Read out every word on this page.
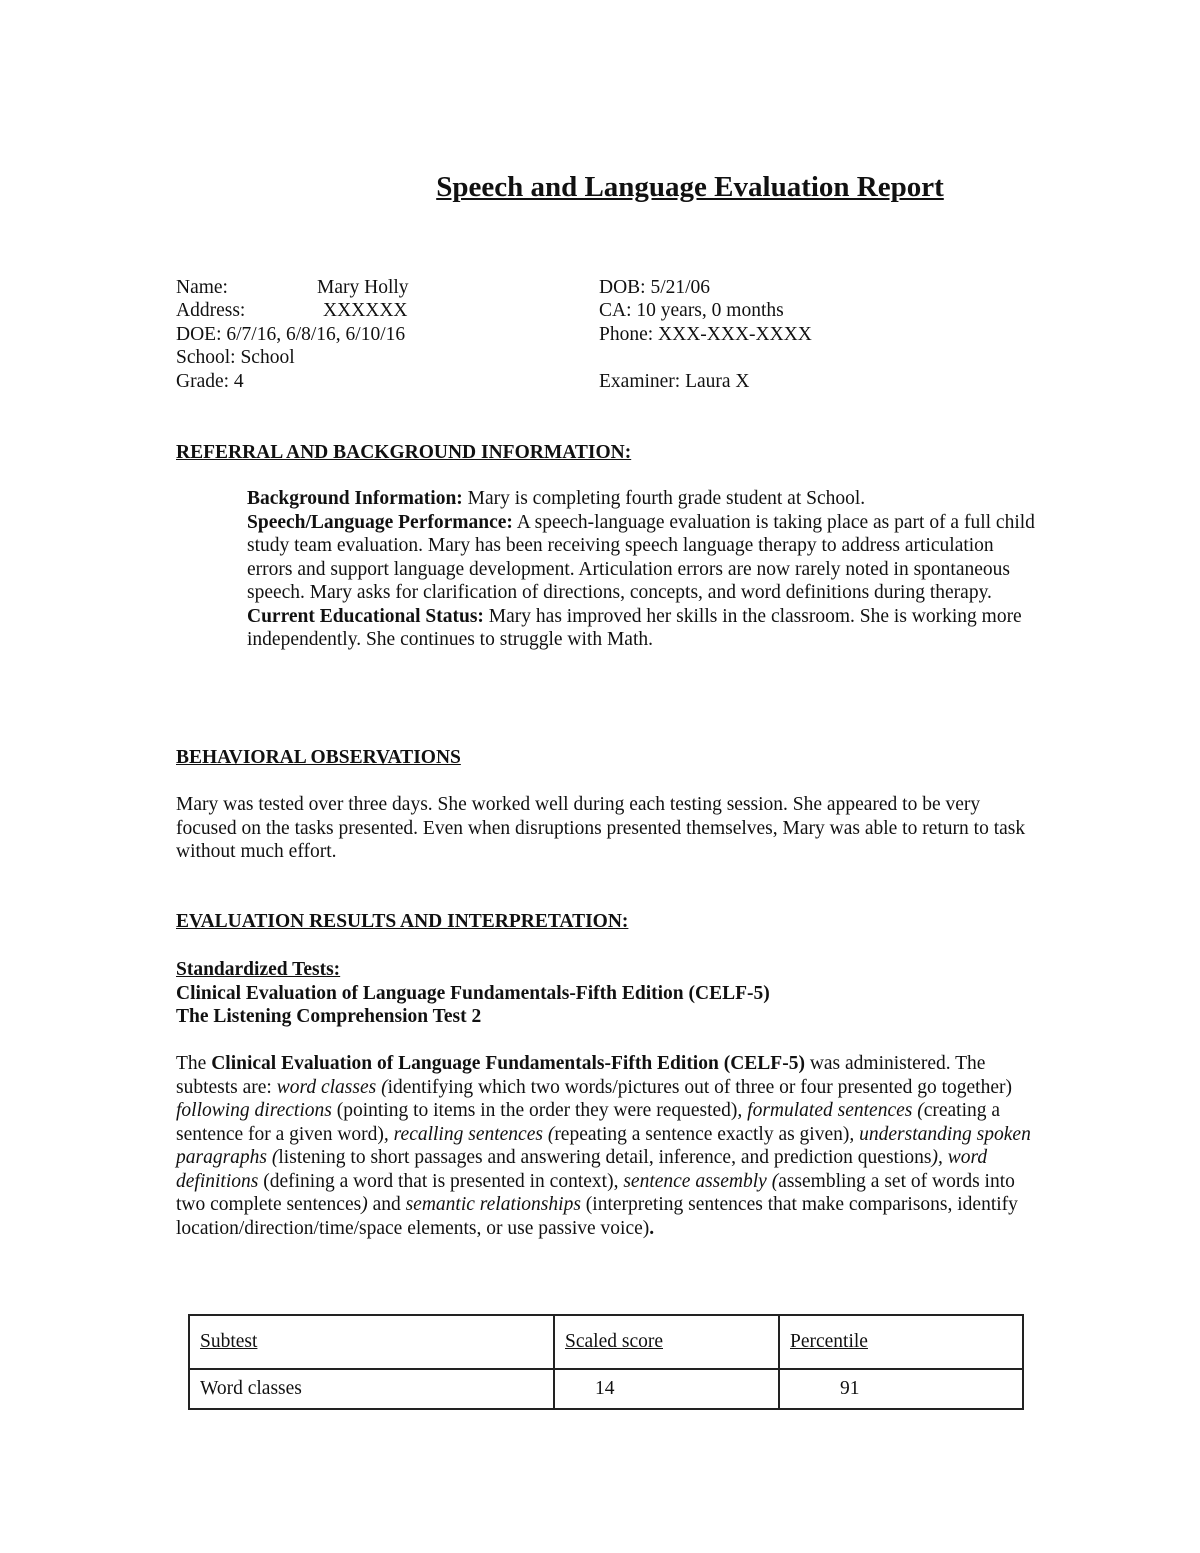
Speech and Language Evaluation Report
Name:	Mary Holly
Address:	XXXXXX
DOE: 6/7/16, 6/8/16, 6/10/16
School: School
Grade: 4
DOB: 5/21/06
CA: 10 years, 0 months
Phone: XXX-XXX-XXXX
Examiner: Laura X
REFERRAL AND BACKGROUND INFORMATION:
Background Information: Mary is completing fourth grade student at School.
Speech/Language Performance: A speech-language evaluation is taking place as part of a full child study team evaluation. Mary has been receiving speech language therapy to address articulation errors and support language development. Articulation errors are now rarely noted in spontaneous speech. Mary asks for clarification of directions, concepts, and word definitions during therapy.
Current Educational Status: Mary has improved her skills in the classroom. She is working more independently. She continues to struggle with Math.
BEHAVIORAL OBSERVATIONS
Mary was tested over three days. She worked well during each testing session. She appeared to be very focused on the tasks presented. Even when disruptions presented themselves, Mary was able to return to task without much effort.
EVALUATION RESULTS AND INTERPRETATION:
Standardized Tests:
Clinical Evaluation of Language Fundamentals-Fifth Edition (CELF-5)
The Listening Comprehension Test 2
The Clinical Evaluation of Language Fundamentals-Fifth Edition (CELF-5) was administered. The subtests are: word classes (identifying which two words/pictures out of three or four presented go together) following directions (pointing to items in the order they were requested), formulated sentences (creating a sentence for a given word), recalling sentences (repeating a sentence exactly as given), understanding spoken paragraphs (listening to short passages and answering detail, inference, and prediction questions), word definitions (defining a word that is presented in context), sentence assembly (assembling a set of words into two complete sentences) and semantic relationships (interpreting sentences that make comparisons, identify location/direction/time/space elements, or use passive voice).
Subtest	Scaled score	Percentile
Word classes	14	91
